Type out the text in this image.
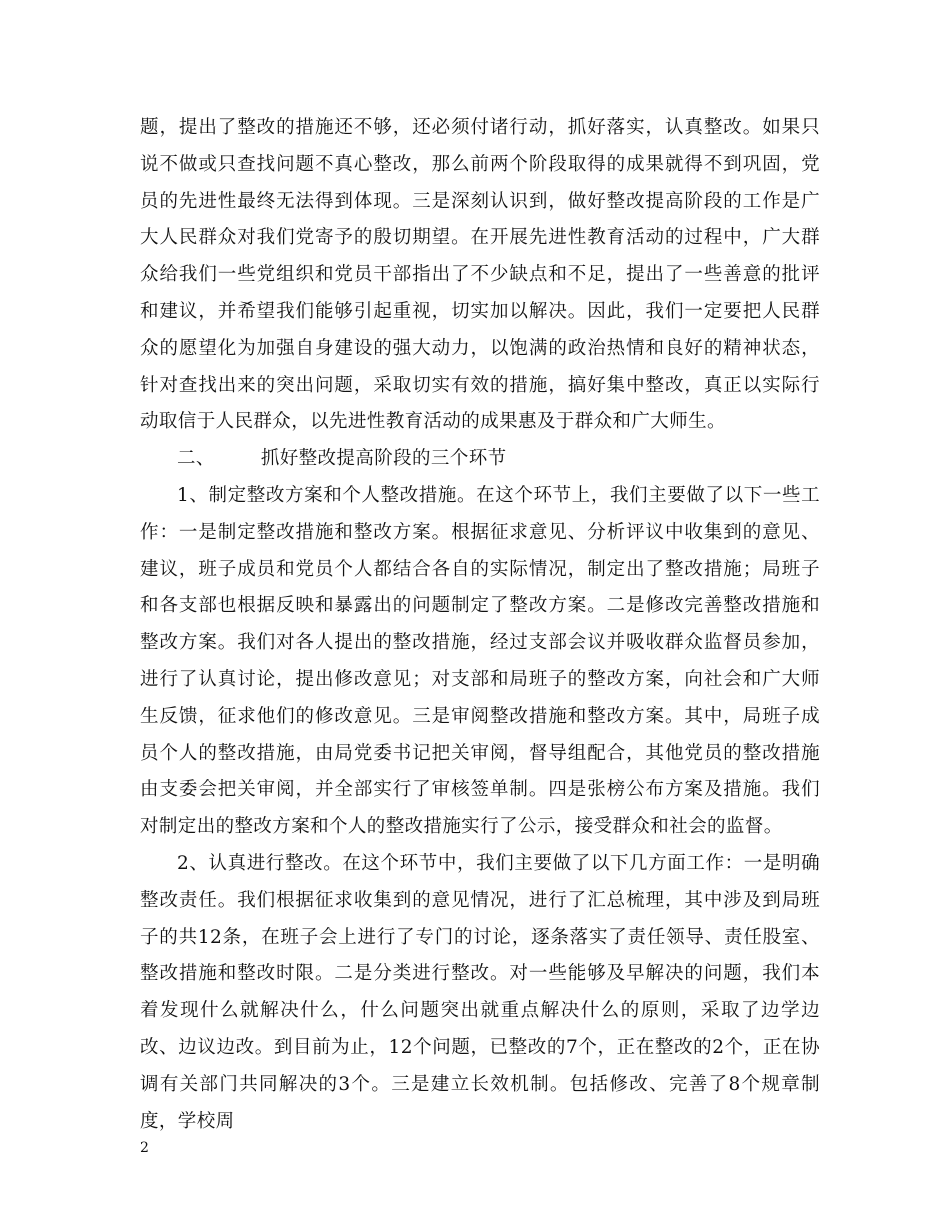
题，提出了整改的措施还不够，还必须付诸行动，抓好落实，认真整改。如果只说不做或只查找问题不真心整改，那么前两个阶段取得的成果就得不到巩固，党员的先进性最终无法得到体现。三是深刻认识到，做好整改提高阶段的工作是广大人民群众对我们党寄予的殷切期望。在开展先进性教育活动的过程中，广大群众给我们一些党组织和党员干部指出了不少缺点和不足，提出了一些善意的批评和建议，并希望我们能够引起重视，切实加以解决。因此，我们一定要把人民群众的愿望化为加强自身建设的强大动力，以饱满的政治热情和良好的精神状态，针对查找出来的突出问题，采取切实有效的措施，搞好集中整改，真正以实际行动取信于人民群众，以先进性教育活动的成果惠及于群众和广大师生。

二、 抓好整改提高阶段的三个环节

1、制定整改方案和个人整改措施。在这个环节上，我们主要做了以下一些工作：一是制定整改措施和整改方案。根据征求意见、分析评议中收集到的意见、建议，班子成员和党员个人都结合各自的实际情况，制定出了整改措施；局班子和各支部也根据反映和暴露出的问题制定了整改方案。二是修改完善整改措施和整改方案。我们对各人提出的整改措施，经过支部会议并吸收群众监督员参加，进行了认真讨论，提出修改意见；对支部和局班子的整改方案，向社会和广大师生反馈，征求他们的修改意见。三是审阅整改措施和整改方案。其中，局班子成员个人的整改措施，由局党委书记把关审阅，督导组配合，其他党员的整改措施由支委会把关审阅，并全部实行了审核签单制。四是张榜公布方案及措施。我们对制定出的整改方案和个人的整改措施实行了公示，接受群众和社会的监督。

2、认真进行整改。在这个环节中，我们主要做了以下几方面工作：一是明确整改责任。我们根据征求收集到的意见情况，进行了汇总梳理，其中涉及到局班子的共12条，在班子会上进行了专门的讨论，逐条落实了责任领导、责任股室、整改措施和整改时限。二是分类进行整改。对一些能够及早解决的问题，我们本着发现什么就解决什么，什么问题突出就重点解决什么的原则，采取了边学边改、边议边改。到目前为止，12个问题，已整改的7个，正在整改的2个，正在协调有关部门共同解决的3个。三是建立长效机制。包括修改、完善了8个规章制度，学校周

2
